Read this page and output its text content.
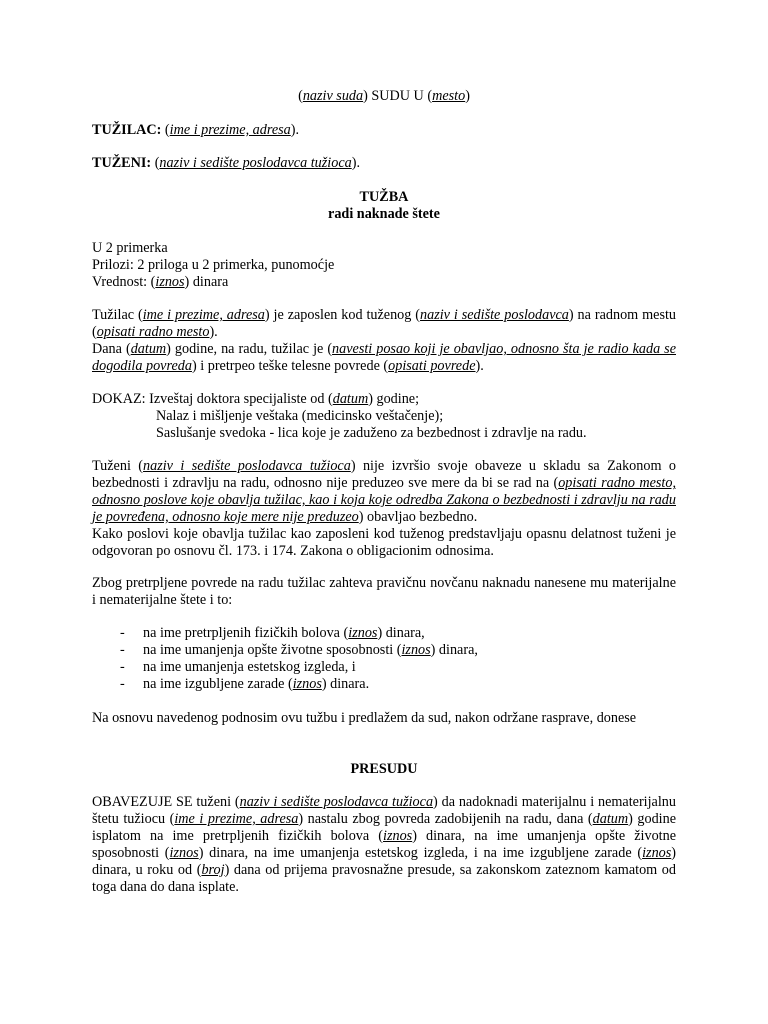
(naziv suda) SUDU U (mesto)

TUŽILAC: (ime i prezime, adresa).

TUŽENI: (naziv i sedište poslodavca tužioca).

TUŽBA

radi naknade štete

U 2 primerka

Prilozi: 2 priloga u 2 primerka, punomoćje

Vrednost: (iznos) dinara

Tužilac (ime i prezime, adresa) je zaposlen kod tuženog (naziv i sedište poslodavca) na radnom mestu (opisati radno mesto).

Dana (datum) godine, na radu, tužilac je (navesti posao koji je obavljao, odnosno šta je radio kada se dogodila povreda) i pretrpeo teške telesne povrede (opisati povrede).

DOKAZ: Izveštaj doktora specijaliste od (datum) godine;

Nalaz i mišljenje veštaka (medicinsko veštačenje);

Saslušanje svedoka - lica koje je zaduženo za bezbednost i zdravlje na radu.

Tuženi (naziv i sedište poslodavca tužioca) nije izvršio svoje obaveze u skladu sa Zakonom o bezbednosti i zdravlju na radu, odnosno nije preduzeo sve mere da bi se rad na (opisati radno mesto, odnosno poslove koje obavlja tužilac, kao i koja koje odredba Zakona o bezbednosti i zdravlju na radu je povređena, odnosno koje mere nije preduzeo) obavljao bezbedno.

Kako poslovi koje obavlja tužilac kao zaposleni kod tuženog predstavljaju opasnu delatnost tuženi je odgovoran po osnovu čl. 173. i 174. Zakona o obligacionim odnosima.

Zbog pretrpljene povrede na radu tužilac zahteva pravičnu novčanu naknadu nanesene mu materijalne i nematerijalne štete i to:

- na ime pretrpljenih fizičkih bolova (iznos) dinara,
- na ime umanjenja opšte životne sposobnosti (iznos) dinara,
- na ime umanjenja estetskog izgleda, i
- na ime izgubljene zarade (iznos) dinara.

Na osnovu navedenog podnosim ovu tužbu i predlažem da sud, nakon održane rasprave, donese

PRESUDU

OBAVEZUJE SE tuženi (naziv i sedište poslodavca tužioca) da nadoknadi materijalnu i nematerijalnu štetu tužiocu (ime i prezime, adresa) nastalu zbog povreda zadobijenih na radu, dana (datum) godine isplatom na ime pretrpljenih fizičkih bolova (iznos) dinara, na ime umanjenja opšte životne sposobnosti (iznos) dinara, na ime umanjenja estetskog izgleda, i na ime izgubljene zarade (iznos) dinara, u roku od (broj) dana od prijema pravosnažne presude, sa zakonskom zateznom kamatom od toga dana do dana isplate.
